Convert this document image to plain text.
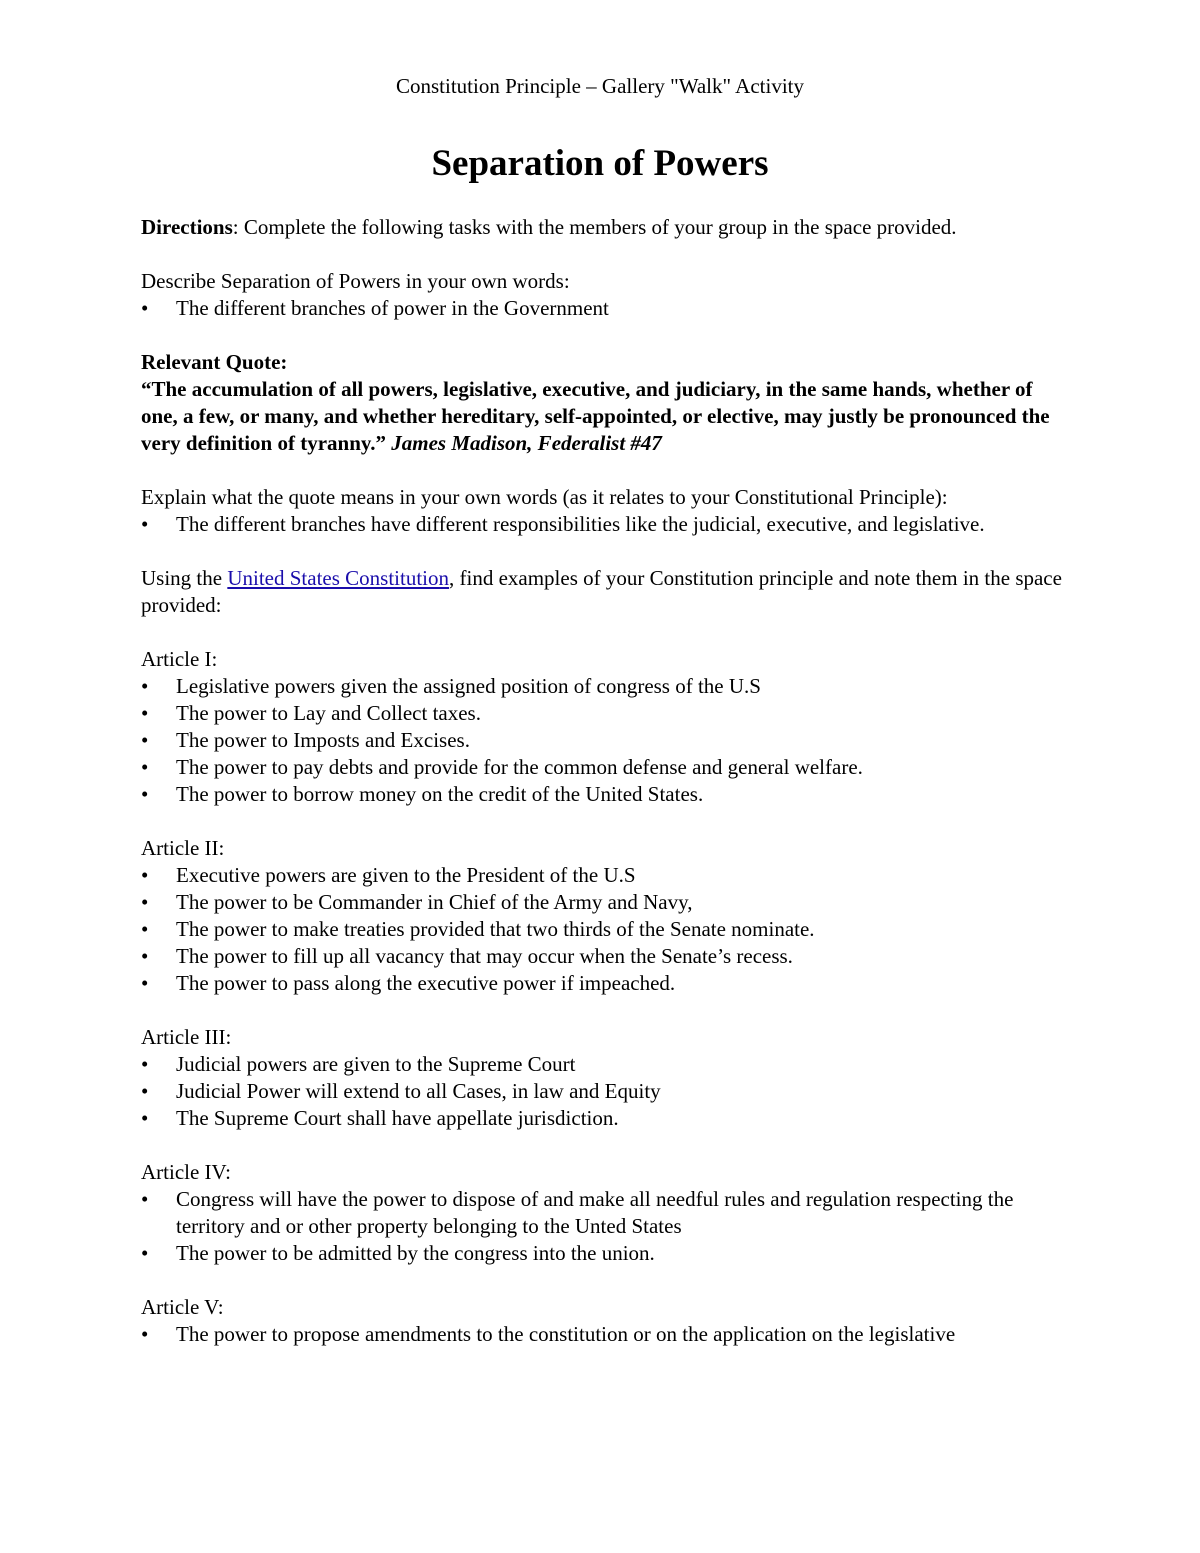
Constitution Principle – Gallery "Walk" Activity
Separation of Powers

Directions: Complete the following tasks with the members of your group in the space provided.

Describe Separation of Powers in your own words:

• The different branches of power in the Government

Relevant Quote:

“The accumulation of all powers, legislative, executive, and judiciary, in the same hands, whether of one, a few, or many, and whether hereditary, self-appointed, or elective, may justly be pronounced the very definition of tyranny.” James Madison, Federalist #47

Explain what the quote means in your own words (as it relates to your Constitutional Principle):

• The different branches have different responsibilities like the judicial, executive, and legislative.

Using the United States Constitution, find examples of your Constitution principle and note them in the space provided:

Article I:

• Legislative powers given the assigned position of congress of the U.S
• The power to Lay and Collect taxes.
• The power to Imposts and Excises.
• The power to pay debts and provide for the common defense and general welfare.
• The power to borrow money on the credit of the United States.

Article II:

• Executive powers are given to the President of the U.S
• The power to be Commander in Chief of the Army and Navy,
• The power to make treaties provided that two thirds of the Senate nominate.
• The power to fill up all vacancy that may occur when the Senate’s recess.
• The power to pass along the executive power if impeached.

Article III:

• Judicial powers are given to the Supreme Court
• Judicial Power will extend to all Cases, in law and Equity
• The Supreme Court shall have appellate jurisdiction.

Article IV:

• Congress will have the power to dispose of and make all needful rules and regulation respecting the territory and or other property belonging to the Unted States
• The power to be admitted by the congress into the union.

Article V:

• The power to propose amendments to the constitution or on the application on the legislative
